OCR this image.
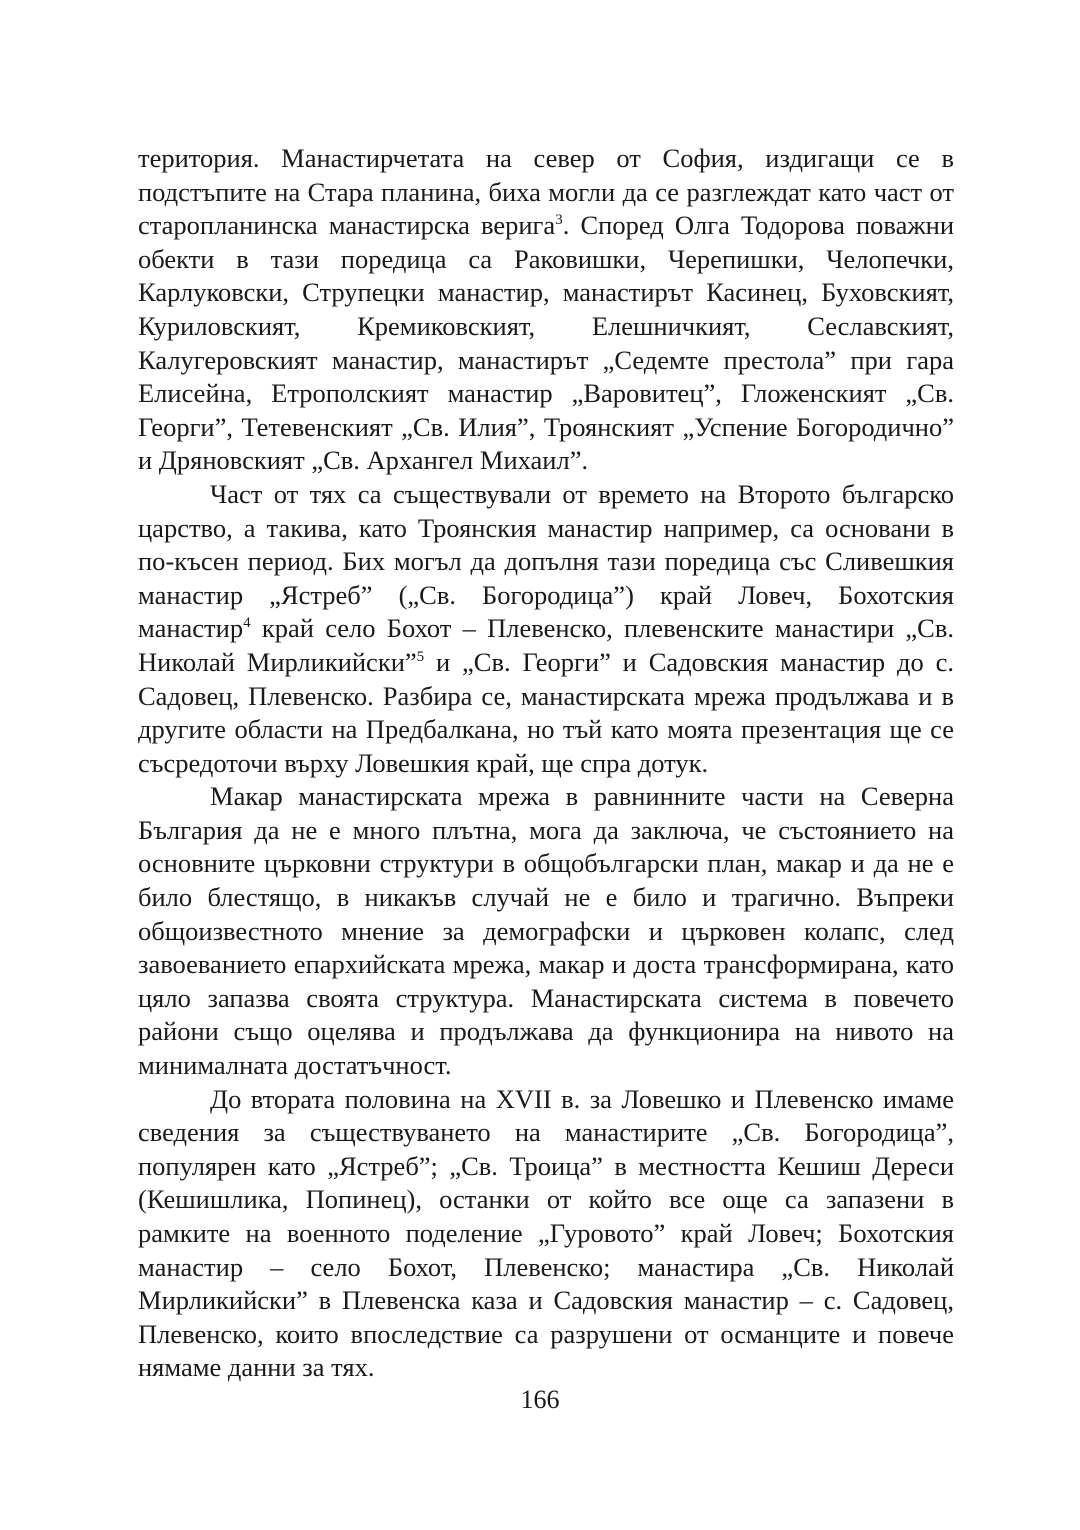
територия. Манастирчетата на север от София, издигащи се в подстъпите на Стара планина, биха могли да се разглеждат като част от старопланинска манастирска верига$^3$. Според Олга Тодорова поважни обекти в тази поредица са Раковишки, Черепишки, Челопечки, Карлуковски, Струпецки манастир, манастирът Касинец, Буховският, Куриловският, Кремиковският, Елешничкият, Сеславският, Калугеровският манастир, манастирът „Седемте престола” при гара Елисейна, Етрополският манастир „Варовитец”, Гложенският „Св. Георги”, Тетевенският „Св. Илия”, Троянският „Успение Богородично” и Дряновският „Св. Архангел Михаил”.

Част от тях са съществували от времето на Второто българско царство, а такива, като Троянския манастир например, са основани в по-късен период. Бих могъл да допълня тази поредица със Сливешкия манастир „Ястреб” („Св. Богородица”) край Ловеч, Бохотския манастир$^4$ край село Бохот – Плевенско, плевенските манастири „Св. Николай Мирликийски”$^5$ и „Св. Георги” и Садовския манастир до с. Садовец, Плевенско. Разбира се, манастирската мрежа продължава и в другите области на Предбалкана, но тъй като моята презентация ще се съсредоточи върху Ловешкия край, ще спра дотук.

Макар манастирската мрежа в равнинните части на Северна България да не е много плътна, мога да заключа, че състоянието на основните църковни структури в общобългарски план, макар и да не е било блестящо, в никакъв случай не е било и трагично. Въпреки общоизвестното мнение за демографски и църковен колапс, след завоеванието епархийската мрежа, макар и доста трансформирана, като цяло запазва своята структура. Манастирската система в повечето райони също оцелява и продължава да функционира на нивото на минималната достатъчност.

До втората половина на XVII в. за Ловешко и Плевенско имаме сведения за съществуването на манастирите „Св. Богородица”, популярен като „Ястреб”; „Св. Троица” в местността Кешиш Дереси (Кешишлика, Попинец), останки от който все още са запазени в рамките на военното поделение „Гуровото” край Ловеч; Бохотския манастир – село Бохот, Плевенско; манастира „Св. Николай Мирликийски” в Плевенска каза и Садовския манастир – с. Садовец, Плевенско, които впоследствие са разрушени от османците и повече нямаме данни за тях.

166
